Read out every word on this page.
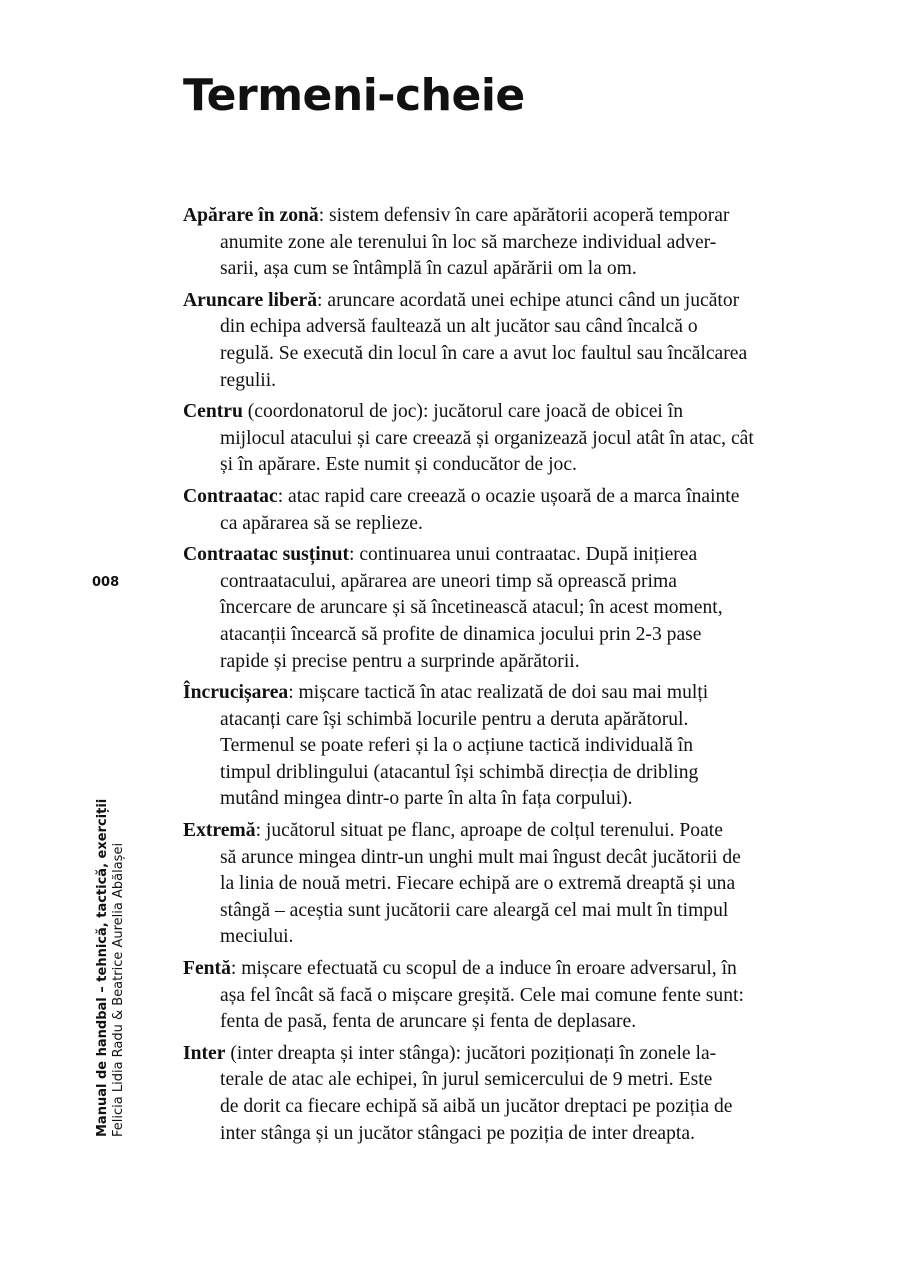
Termeni-cheie
008
Manual de handbal – tehnică, tactică, exerciții Felicia Lidia Radu & Beatrice Aurelia Abălașei
Apărare în zonă: sistem defensiv în care apărătorii acoperă temporar
anumite zone ale terenului în loc să marcheze individual adver-
sarii, așa cum se întâmplă în cazul apărării om la om.
Aruncare liberă: aruncare acordată unei echipe atunci când un jucător
din echipa adversă faultează un alt jucător sau când încalcă o
regulă. Se execută din locul în care a avut loc faultul sau încălcarea
regulii.
Centru (coordonatorul de joc): jucătorul care joacă de obicei în
mijlocul atacului și care creează și organizează jocul atât în atac, cât
și în apărare. Este numit și conducător de joc.
Contraatac: atac rapid care creează o ocazie ușoară de a marca înainte
ca apărarea să se replieze.
Contraatac susținut: continuarea unui contraatac. După inițierea
contraatacului, apărarea are uneori timp să oprească prima
încercare de aruncare și să încetinească atacul; în acest moment,
atacanții încearcă să profite de dinamica jocului prin 2-3 pase
rapide și precise pentru a surprinde apărătorii.
Încrucișarea: mișcare tactică în atac realizată de doi sau mai mulți
atacanți care își schimbă locurile pentru a deruta apărătorul.
Termenul se poate referi și la o acțiune tactică individuală în
timpul driblingului (atacantul își schimbă direcția de dribling
mutând mingea dintr-o parte în alta în fața corpului).
Extremă: jucătorul situat pe flanc, aproape de colțul terenului. Poate
să arunce mingea dintr-un unghi mult mai îngust decât jucătorii de
la linia de nouă metri. Fiecare echipă are o extremă dreaptă și una
stângă – aceștia sunt jucătorii care aleargă cel mai mult în timpul
meciului.
Fentă: mișcare efectuată cu scopul de a induce în eroare adversarul, în
așa fel încât să facă o mișcare greșită. Cele mai comune fente sunt:
fenta de pasă, fenta de aruncare și fenta de deplasare.
Inter (inter dreapta și inter stânga): jucători poziționați în zonele la-
terale de atac ale echipei, în jurul semicercului de 9 metri. Este
de dorit ca fiecare echipă să aibă un jucător dreptaci pe poziția de
inter stânga și un jucător stângaci pe poziția de inter dreapta.
